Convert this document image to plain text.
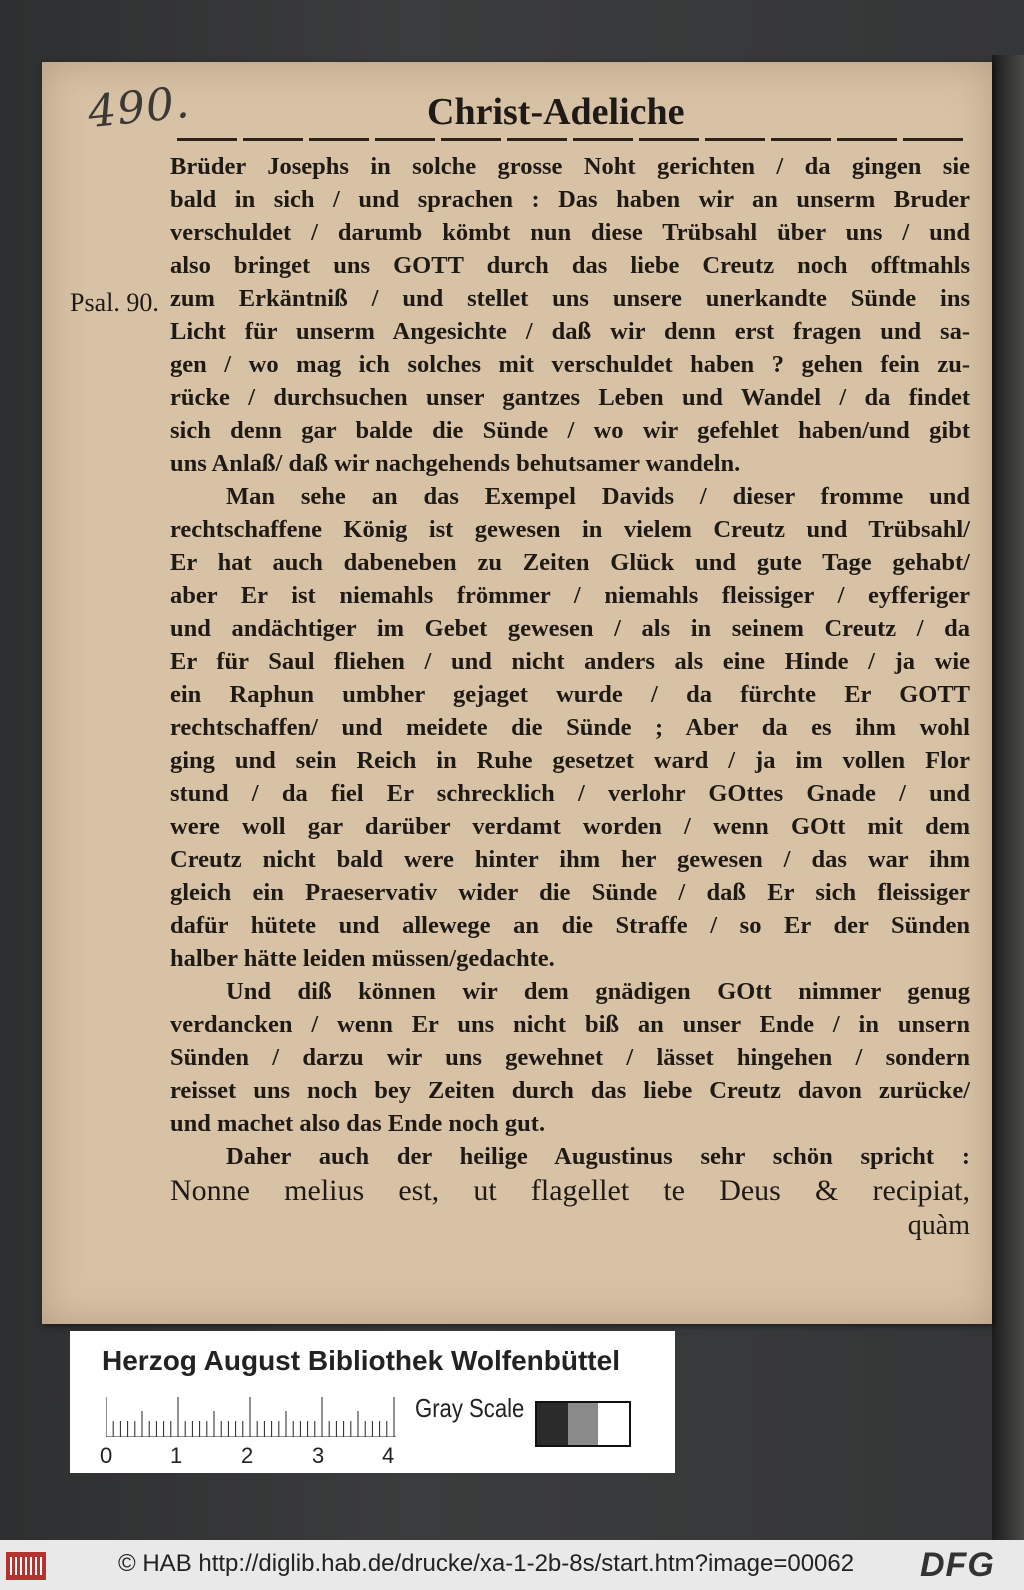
490.	Christ-Adeliche
Psal. 90.
Brüder Josephs in solche grosse Noht gerichten / da gingen sie
bald in sich / und sprachen : Das haben wir an unserm Bruder
verschuldet / darumb kömbt nun diese Trübsahl über uns / und
also bringet uns GOTT durch das liebe Creutz noch offtmahls
zum Erkäntniß / und stellet uns unsere unerkandte Sünde ins
Licht für unserm Angesichte / daß wir denn erst fragen und sa-
gen / wo mag ich solches mit verschuldet haben ? gehen fein zu-
rücke / durchsuchen unser gantzes Leben und Wandel / da findet
sich denn gar balde die Sünde / wo wir gefehlet haben/und gibt
uns Anlaß/ daß wir nachgehends behutsamer wandeln.
Man sehe an das Exempel Davids / dieser fromme und
rechtschaffene König ist gewesen in vielem Creutz und Trübsahl/
Er hat auch dabeneben zu Zeiten Glück und gute Tage gehabt/
aber Er ist niemahls frömmer / niemahls fleissiger / eyfferiger
und andächtiger im Gebet gewesen / als in seinem Creutz / da
Er für Saul fliehen / und nicht anders als eine Hinde / ja wie
ein Raphun umbher gejaget wurde / da fürchte Er GOTT
rechtschaffen/ und meidete die Sünde ; Aber da es ihm wohl
ging und sein Reich in Ruhe gesetzet ward / ja im vollen Flor
stund / da fiel Er schrecklich / verlohr GOttes Gnade / und
were woll gar darüber verdamt worden / wenn GOtt mit dem
Creutz nicht bald were hinter ihm her gewesen / das war ihm
gleich ein Praeservativ wider die Sünde / daß Er sich fleissiger
dafür hütete und allewege an die Straffe / so Er der Sünden
halber hätte leiden müssen/gedachte.
Und diß können wir dem gnädigen GOtt nimmer genug
verdancken / wenn Er uns nicht biß an unser Ende / in unsern
Sünden / darzu wir uns gewehnet / lässet hingehen / sondern
reisset uns noch bey Zeiten durch das liebe Creutz davon zurücke/
und machet also das Ende noch gut.
Daher auch der heilige Augustinus sehr schön spricht :
Nonne melius est, ut flagellet te Deus & recipiat,
quàm
Herzog August Bibliothek Wolfenbüttel
0	1	2	3	4
Gray Scale
© HAB http://diglib.hab.de/drucke/xa-1-2b-8s/start.htm?image=00062 DFG
